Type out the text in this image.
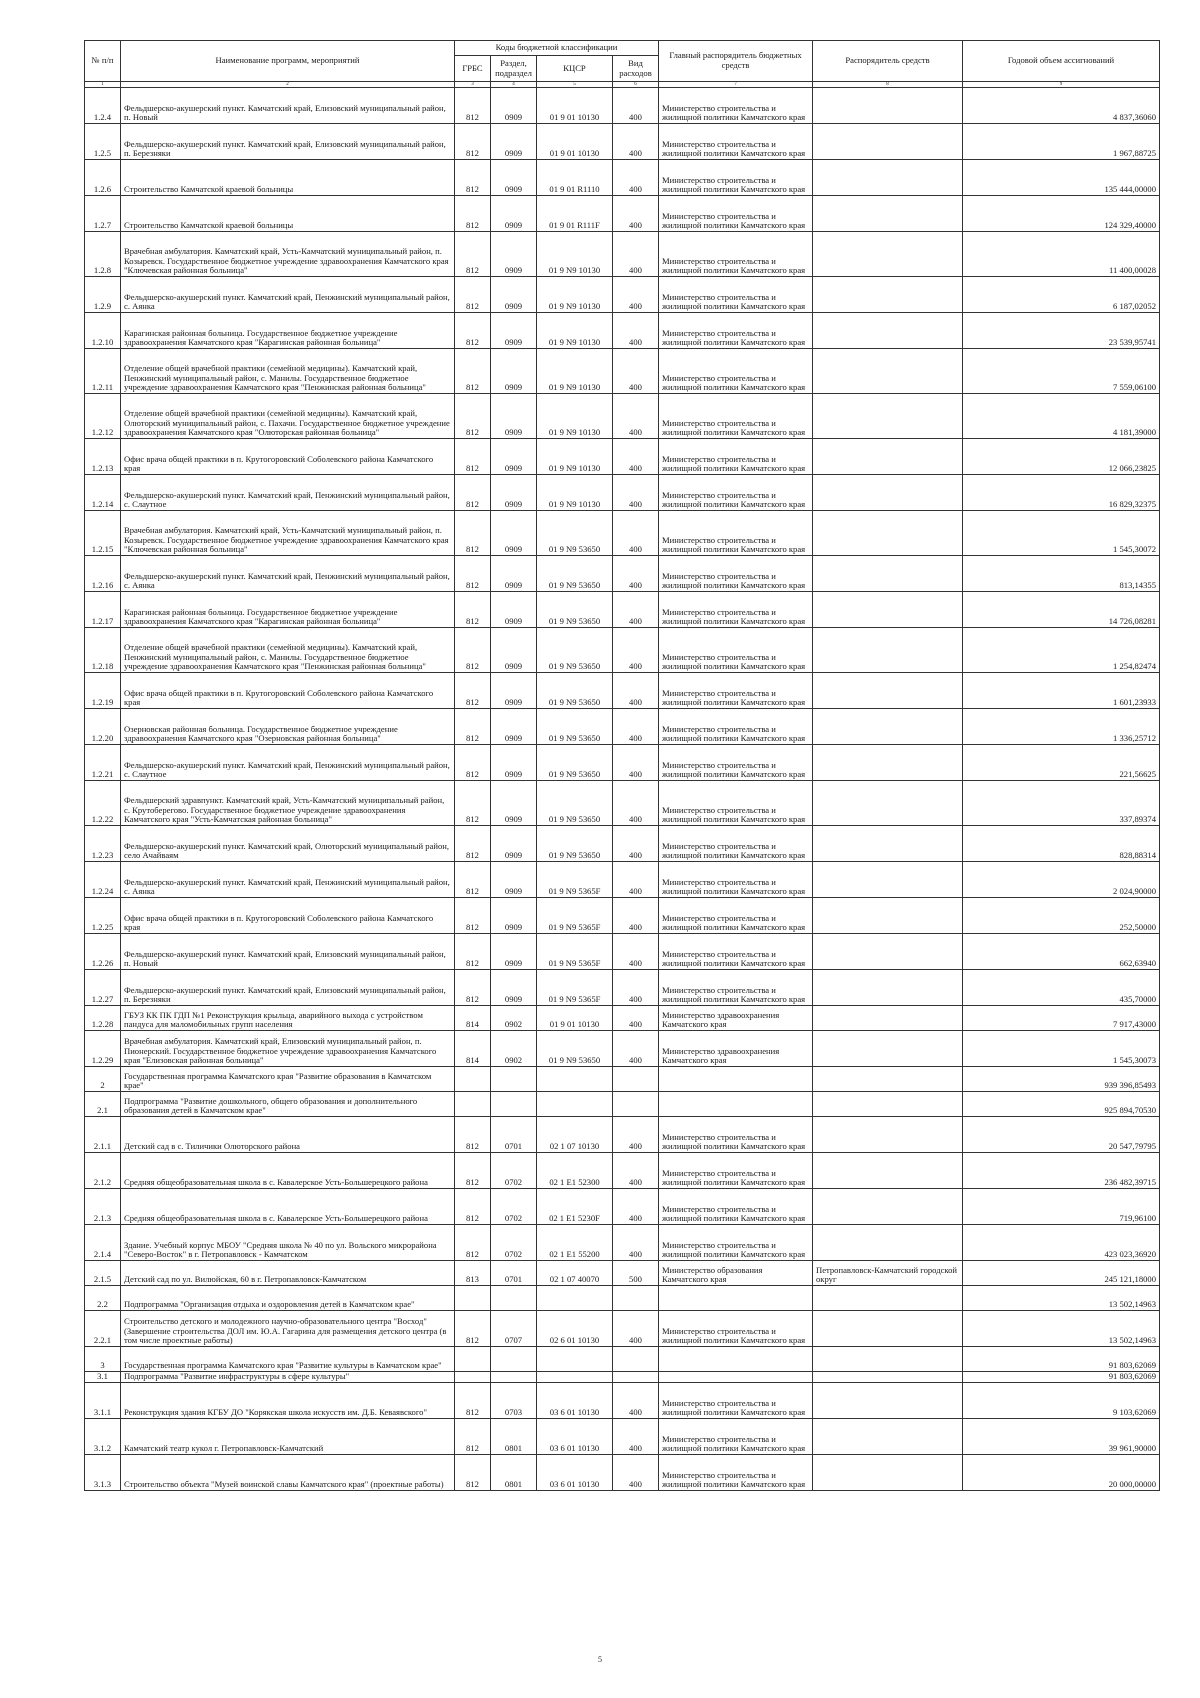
№ п/п	Наименование программ, мероприятий	Коды бюджетной классификации				Главный распорядитель бюджетных средств	Распорядитель средств	Годовой объем ассигнований
		ГРБС	Раздел, подраздел	КЦСР	Вид расходов			
1	2	3	4	5	6	7	8	9
1.2.4	Фельдшерско-акушерский пункт. Камчатский край, Елизовский муниципальный район, п. Новый	812	0909	01 9 01 10130	400	Министерство строительства и жилищной политики Камчатского края		4 837,36060
1.2.5	Фельдшерско-акушерский пункт. Камчатский край, Елизовский муниципальный район, п. Березняки	812	0909	01 9 01 10130	400	Министерство строительства и жилищной политики Камчатского края		1 967,88725
1.2.6	Строительство Камчатской краевой больницы	812	0909	01 9 01 R1110	400	Министерство строительства и жилищной политики Камчатского края		135 444,00000
1.2.7	Строительство Камчатской краевой больницы	812	0909	01 9 01 R111F	400	Министерство строительства и жилищной политики Камчатского края		124 329,40000
1.2.8	Врачебная амбулатория. Камчатский край, Усть-Камчатский муниципальный район, п. Козыревск. Государственное бюджетное учреждение здравоохранения Камчатского края "Ключевская районная больница"	812	0909	01 9 N9 10130	400	Министерство строительства и жилищной политики Камчатского края		11 400,00028
1.2.9	Фельдшерско-акушерский пункт. Камчатский край, Пенжинский муниципальный район, с. Аянка	812	0909	01 9 N9 10130	400	Министерство строительства и жилищной политики Камчатского края		6 187,02052
1.2.10	Карагинская районная больница. Государственное бюджетное учреждение здравоохранения Камчатского края "Карагинская районная больница"	812	0909	01 9 N9 10130	400	Министерство строительства и жилищной политики Камчатского края		23 539,95741
1.2.11	Отделение общей врачебной практики (семейной медицины). Камчатский край, Пенжинский муниципальный район, с. Манилы. Государственное бюджетное учреждение здравоохранения Камчатского края "Пенжинская районная больница"	812	0909	01 9 N9 10130	400	Министерство строительства и жилищной политики Камчатского края		7 559,06100
1.2.12	Отделение общей врачебной практики (семейной медицины). Камчатский край, Олюторский муниципальный район, с. Пахачи. Государственное бюджетное учреждение здравоохранения Камчатского края "Олюторская районная больница"	812	0909	01 9 N9 10130	400	Министерство строительства и жилищной политики Камчатского края		4 181,39000
1.2.13	Офис врача общей практики в п. Крутогоровский Соболевского района Камчатского края	812	0909	01 9 N9 10130	400	Министерство строительства и жилищной политики Камчатского края		12 066,23825
1.2.14	Фельдшерско-акушерский пункт. Камчатский край, Пенжинский муниципальный район, с. Слаутное	812	0909	01 9 N9 10130	400	Министерство строительства и жилищной политики Камчатского края		16 829,32375
1.2.15	Врачебная амбулатория. Камчатский край, Усть-Камчатский муниципальный район, п. Козыревск. Государственное бюджетное учреждение здравоохранения Камчатского края "Ключевская районная больница"	812	0909	01 9 N9 53650	400	Министерство строительства и жилищной политики Камчатского края		1 545,30072
1.2.16	Фельдшерско-акушерский пункт. Камчатский край, Пенжинский муниципальный район, с. Аянка	812	0909	01 9 N9 53650	400	Министерство строительства и жилищной политики Камчатского края		813,14355
1.2.17	Карагинская районная больница. Государственное бюджетное учреждение здравоохранения Камчатского края "Карагинская районная больница"	812	0909	01 9 N9 53650	400	Министерство строительства и жилищной политики Камчатского края		14 726,08281
1.2.18	Отделение общей врачебной практики (семейной медицины). Камчатский край, Пенжинский муниципальный район, с. Манилы. Государственное бюджетное учреждение здравоохранения Камчатского края "Пенжинская районная больница"	812	0909	01 9 N9 53650	400	Министерство строительства и жилищной политики Камчатского края		1 254,82474
1.2.19	Офис врача общей практики в п. Крутогоровский Соболевского района Камчатского края	812	0909	01 9 N9 53650	400	Министерство строительства и жилищной политики Камчатского края		1 601,23933
1.2.20	Озерновская районная больница. Государственное бюджетное учреждение здравоохранения Камчатского края "Озерновская районная больница"	812	0909	01 9 N9 53650	400	Министерство строительства и жилищной политики Камчатского края		1 336,25712
1.2.21	Фельдшерско-акушерский пункт. Камчатский край, Пенжинский муниципальный район, с. Слаутное	812	0909	01 9 N9 53650	400	Министерство строительства и жилищной политики Камчатского края		221,56625
1.2.22	Фельдшерский здравпункт. Камчатский край, Усть-Камчатский муниципальный район, с. Крутоберегово. Государственное бюджетное учреждение здравоохранения Камчатского края "Усть-Камчатская районная больница"	812	0909	01 9 N9 53650	400	Министерство строительства и жилищной политики Камчатского края		337,89374
1.2.23	Фельдшерско-акушерский пункт. Камчатский край, Олюторский муниципальный район, село Ачайваям	812	0909	01 9 N9 53650	400	Министерство строительства и жилищной политики Камчатского края		828,88314
1.2.24	Фельдшерско-акушерский пункт. Камчатский край, Пенжинский муниципальный район, с. Аянка	812	0909	01 9 N9 5365F	400	Министерство строительства и жилищной политики Камчатского края		2 024,90000
1.2.25	Офис врача общей практики в п. Крутогоровский Соболевского района Камчатского края	812	0909	01 9 N9 5365F	400	Министерство строительства и жилищной политики Камчатского края		252,50000
1.2.26	Фельдшерско-акушерский пункт. Камчатский край, Елизовский муниципальный район, п. Новый	812	0909	01 9 N9 5365F	400	Министерство строительства и жилищной политики Камчатского края		662,63940
1.2.27	Фельдшерско-акушерский пункт. Камчатский край, Елизовский муниципальный район, п. Березняки	812	0909	01 9 N9 5365F	400	Министерство строительства и жилищной политики Камчатского края		435,70000
1.2.28	ГБУЗ КК ПК ГДП №1 Реконструкция крыльца, аварийного выхода с устройством пандуса для маломобильных групп населения	814	0902	01 9 01 10130	400	Министерство здравоохранения Камчатского края		7 917,43000
1.2.29	Врачебная амбулатория. Камчатский край, Елизовский муниципальный район, п. Пионерский. Государственное бюджетное учреждение здравоохранения Камчатского края "Елизовская районная больница"	814	0902	01 9 N9 53650	400	Министерство здравоохранения Камчатского края		1 545,30073
2	Государственная программа Камчатского края "Развитие образования в Камчатском крае"							939 396,85493
2.1	Подпрограмма "Развитие дошкольного, общего образования и дополнительного образования детей в Камчатском крае"							925 894,70530
2.1.1	Детский сад в с. Тиличики Олюторского района	812	0701	02 1 07 10130	400	Министерство строительства и жилищной политики Камчатского края		20 547,79795
2.1.2	Средняя общеобразовательная школа в с. Кавалерское Усть-Большерецкого района	812	0702	02 1 E1 52300	400	Министерство строительства и жилищной политики Камчатского края		236 482,39715
2.1.3	Средняя общеобразовательная школа в с. Кавалерское Усть-Большерецкого района	812	0702	02 1 E1 5230F	400	Министерство строительства и жилищной политики Камчатского края		719,96100
2.1.4	Здание. Учебный корпус МБОУ "Средняя школа № 40 по ул. Вольского микрорайона "Северо-Восток" в г. Петропавловск - Камчатском	812	0702	02 1 E1 55200	400	Министерство строительства и жилищной политики Камчатского края		423 023,36920
2.1.5	Детский сад по ул. Вилюйская, 60 в г. Петропавловск-Камчатском	813	0701	02 1 07 40070	500	Министерство образования Камчатского края	Петропавловск-Камчатский городской округ	245 121,18000
2.2	Подпрограмма "Организация отдыха и оздоровления детей в Камчатском крае"							13 502,14963
2.2.1	Строительство детского и молодежного научно-образовательного центра "Восход" (Завершение строительства ДОЛ им. Ю.А. Гагарина для размещения детского центра (в том числе проектные работы)	812	0707	02 6 01 10130	400	Министерство строительства и жилищной политики Камчатского края		13 502,14963
3	Государственная программа Камчатского края "Развитие культуры в Камчатском крае"							91 803,62069
3.1	Подпрограмма "Развитие инфраструктуры в сфере культуры"							91 803,62069
3.1.1	Реконструкция здания КГБУ ДО "Корякская школа искусств им. Д.Б. Кеваявского"	812	0703	03 6 01 10130	400	Министерство строительства и жилищной политики Камчатского края		9 103,62069
3.1.2	Камчатский театр кукол г. Петропавловск-Камчатский	812	0801	03 6 01 10130	400	Министерство строительства и жилищной политики Камчатского края		39 961,90000
3.1.3	Строительство объекта "Музей воинской славы Камчатского края" (проектные работы)	812	0801	03 6 01 10130	400	Министерство строительства и жилищной политики Камчатского края		20 000,00000
5
